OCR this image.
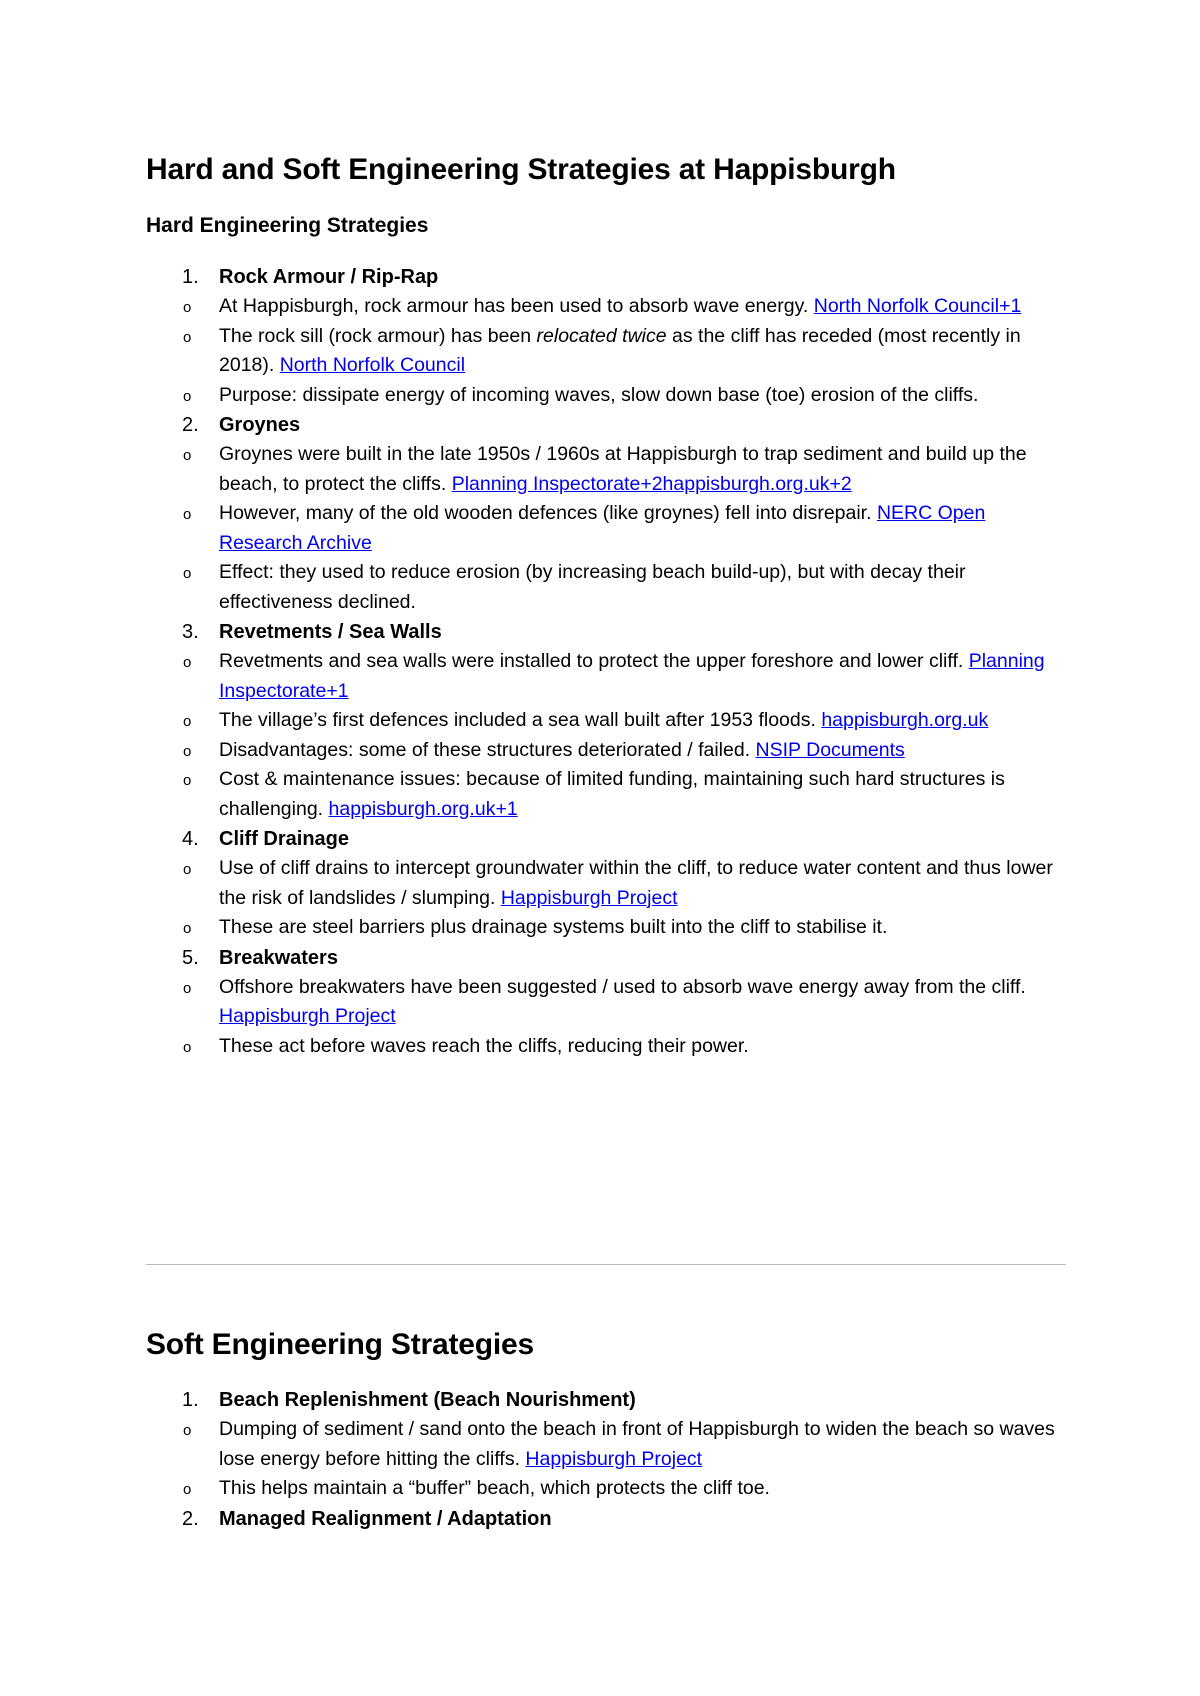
Hard and Soft Engineering Strategies at Happisburgh
Hard Engineering Strategies
1. Rock Armour / Rip-Rap
o At Happisburgh, rock armour has been used to absorb wave energy. North Norfolk Council+1
o The rock sill (rock armour) has been relocated twice as the cliff has receded (most recently in 2018). North Norfolk Council
o Purpose: dissipate energy of incoming waves, slow down base (toe) erosion of the cliffs.
2. Groynes
o Groynes were built in the late 1950s / 1960s at Happisburgh to trap sediment and build up the beach, to protect the cliffs. Planning Inspectorate+2happisburgh.org.uk+2
o However, many of the old wooden defences (like groynes) fell into disrepair. NERC Open Research Archive
o Effect: they used to reduce erosion (by increasing beach build-up), but with decay their effectiveness declined.
3. Revetments / Sea Walls
o Revetments and sea walls were installed to protect the upper foreshore and lower cliff. Planning Inspectorate+1
o The village’s first defences included a sea wall built after 1953 floods. happisburgh.org.uk
o Disadvantages: some of these structures deteriorated / failed. NSIP Documents
o Cost & maintenance issues: because of limited funding, maintaining such hard structures is challenging. happisburgh.org.uk+1
4. Cliff Drainage
o Use of cliff drains to intercept groundwater within the cliff, to reduce water content and thus lower the risk of landslides / slumping. Happisburgh Project
o These are steel barriers plus drainage systems built into the cliff to stabilise it.
5. Breakwaters
o Offshore breakwaters have been suggested / used to absorb wave energy away from the cliff. Happisburgh Project
o These act before waves reach the cliffs, reducing their power.
Soft Engineering Strategies
1. Beach Replenishment (Beach Nourishment)
o Dumping of sediment / sand onto the beach in front of Happisburgh to widen the beach so waves lose energy before hitting the cliffs. Happisburgh Project
o This helps maintain a “buffer” beach, which protects the cliff toe.
2. Managed Realignment / Adaptation
